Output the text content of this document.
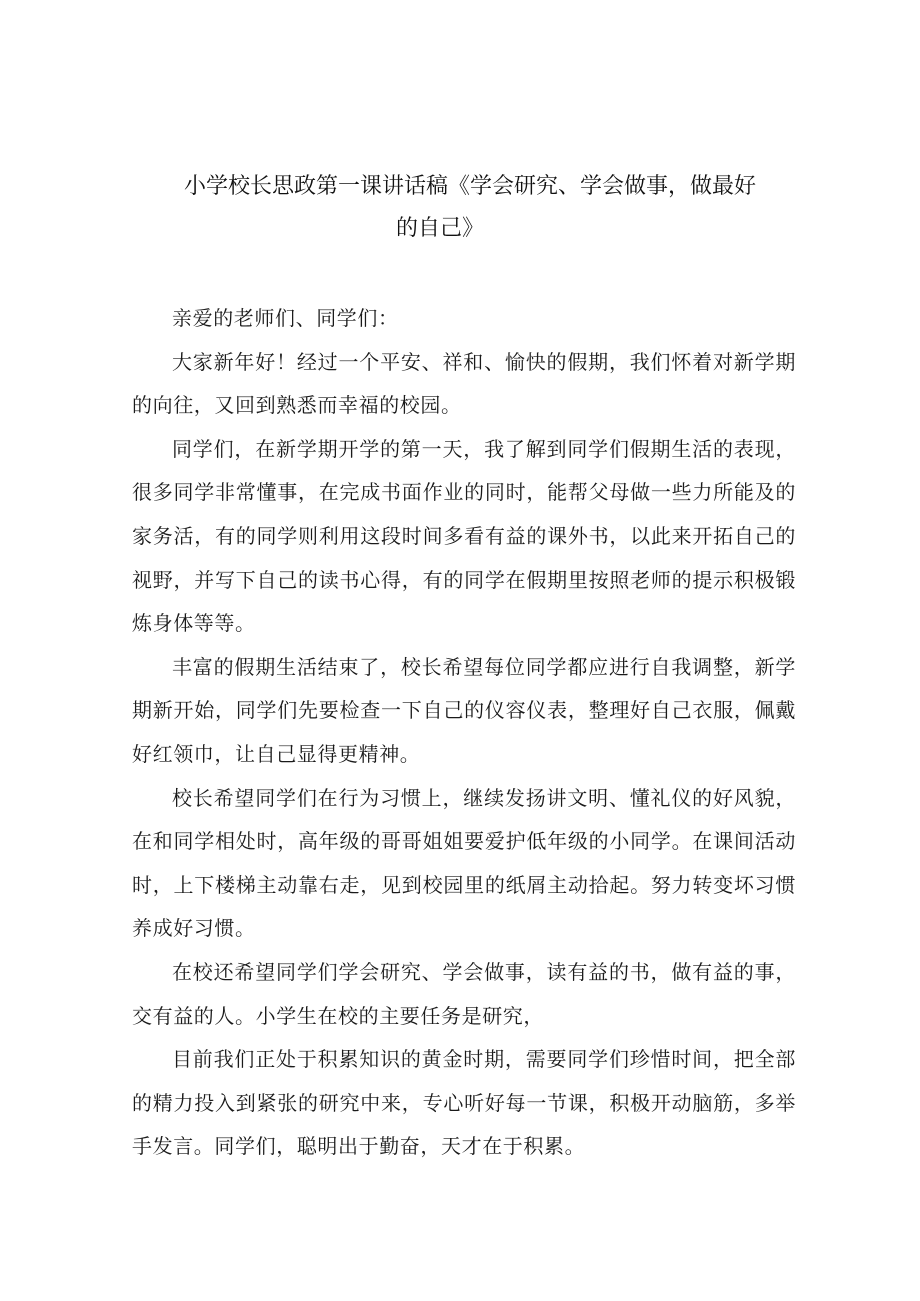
小学校长思政第一课讲话稿《学会研究、学会做事，做最好
的自己》

亲爱的老师们、同学们：

大家新年好！经过一个平安、祥和、愉快的假期，我们怀着对新学期的向往，又回到熟悉而幸福的校园。

同学们，在新学期开学的第一天，我了解到同学们假期生活的表现，很多同学非常懂事，在完成书面作业的同时，能帮父母做一些力所能及的家务活，有的同学则利用这段时间多看有益的课外书，以此来开拓自己的视野，并写下自己的读书心得，有的同学在假期里按照老师的提示积极锻炼身体等等。

丰富的假期生活结束了，校长希望每位同学都应进行自我调整，新学期新开始，同学们先要检查一下自己的仪容仪表，整理好自己衣服，佩戴好红领巾，让自己显得更精神。

校长希望同学们在行为习惯上，继续发扬讲文明、懂礼仪的好风貌，在和同学相处时，高年级的哥哥姐姐要爱护低年级的小同学。在课间活动时，上下楼梯主动靠右走，见到校园里的纸屑主动拾起。努力转变坏习惯养成好习惯。

在校还希望同学们学会研究、学会做事，读有益的书，做有益的事，交有益的人。小学生在校的主要任务是研究，

目前我们正处于积累知识的黄金时期，需要同学们珍惜时间，把全部的精力投入到紧张的研究中来，专心听好每一节课，积极开动脑筋，多举手发言。同学们，聪明出于勤奋，天才在于积累。
